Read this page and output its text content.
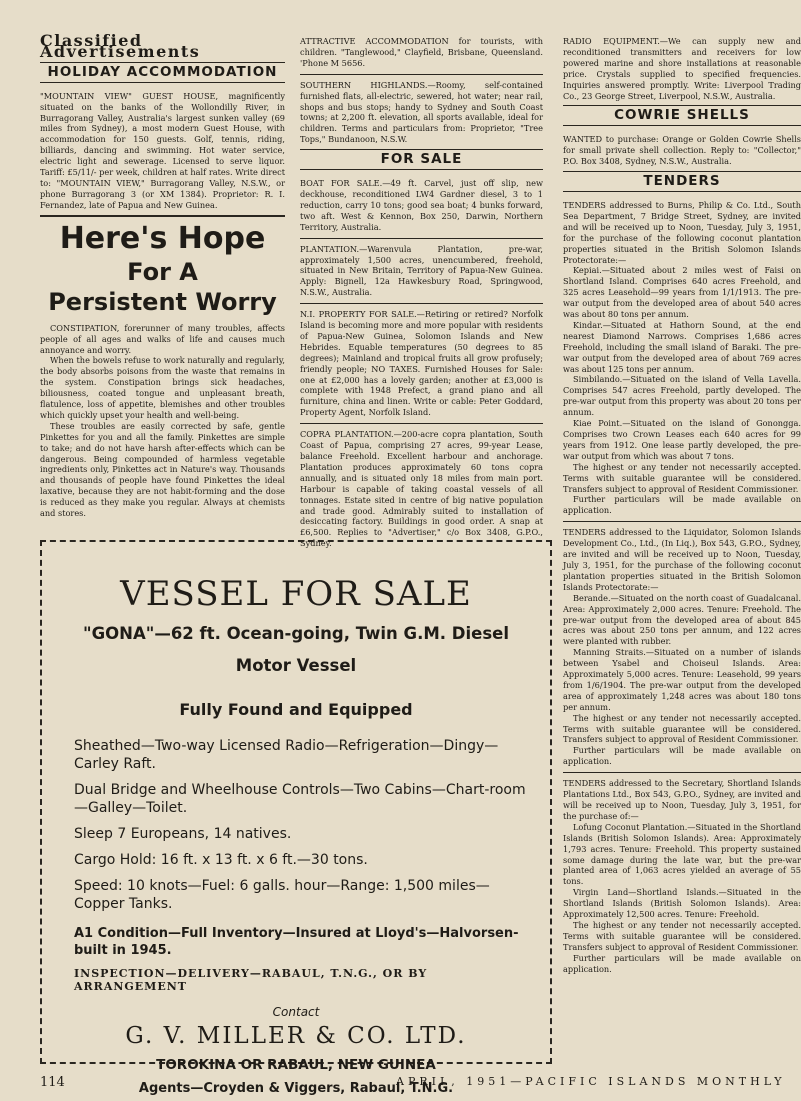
Classified Advertisements
HOLIDAY ACCOMMODATION

"MOUNTAIN VIEW" GUEST HOUSE, magnificently situated on the banks of the Wollondilly River, in Burragorang Valley, Australia's largest sunken valley (69 miles from Sydney), a most modern Guest House, with accommodation for 150 guests. Golf, tennis, riding, billiards, dancing and swimming. Hot water service, electric light and sewerage. Licensed to serve liquor. Tariff: £5/11/- per week, children at half rates. Write direct to: "MOUNTAIN VIEW," Burragorang Valley, N.S.W., or phone Burragorang 3 (or XM 1384). Proprietor: R. I. Fernandez, late of Papua and New Guinea.

Here's Hope
For A
Persistent Worry

CONSTIPATION, forerunner of many troubles, affects people of all ages and walks of life and causes much annoyance and worry.

When the bowels refuse to work naturally and regularly, the body absorbs poisons from the waste that remains in the system. Constipation brings sick headaches, biliousness, coated tongue and unpleasant breath, flatulence, loss of appetite, blemishes and other troubles which quickly upset your health and well-being.

These troubles are easily corrected by safe, gentle Pinkettes for you and all the family. Pinkettes are simple to take; and do not have harsh after-effects which can be dangerous. Being compounded of harmless vegetable ingredients only, Pinkettes act in Nature's way. Thousands and thousands of people have found Pinkettes the ideal laxative, because they are not habit-forming and the dose is reduced as they make you regular. Always at chemists and stores.

ATTRACTIVE ACCOMMODATION for tourists, with children. "Tanglewood," Clayfield, Brisbane, Queensland. 'Phone M 5656.

SOUTHERN HIGHLANDS.—Roomy, self-contained furnished flats, all-electric, sewered, hot water; near rail, shops and bus stops; handy to Sydney and South Coast towns; at 2,200 ft. elevation, all sports available, ideal for children. Terms and particulars from: Proprietor, "Tree Tops," Bundanoon, N.S.W.

FOR SALE

BOAT FOR SALE.—49 ft. Carvel, just off slip, new deckhouse, reconditioned LW4 Gardner diesel, 3 to 1 reduction, carry 10 tons; good sea boat; 4 bunks forward, two aft. West & Kennon, Box 250, Darwin, Northern Territory, Australia.

PLANTATION.—Warenvula Plantation, pre-war, approximately 1,500 acres, unencumbered, freehold, situated in New Britain, Territory of Papua-New Guinea. Apply: Bignell, 12a Hawkesbury Road, Springwood, N.S.W., Australia.

N.I. PROPERTY FOR SALE.—Retiring or retired? Norfolk Island is becoming more and more popular with residents of Papua-New Guinea, Solomon Islands and New Hebrides. Equable temperatures (50 degrees to 85 degrees); Mainland and tropical fruits all grow profusely; friendly people; NO TAXES. Furnished Houses for Sale: one at £2,000 has a lovely garden; another at £3,000 is complete with 1948 Prefect, a grand piano and all furniture, china and linen. Write or cable: Peter Goddard, Property Agent, Norfolk Island.

COPRA PLANTATION.—200-acre copra plantation, South Coast of Papua, comprising 27 acres, 99-year Lease, balance Freehold. Excellent harbour and anchorage. Plantation produces approximately 60 tons copra annually, and is situated only 18 miles from main port. Harbour is capable of taking coastal vessels of all tonnages. Estate sited in centre of big native population and trade good. Admirably suited to installation of desiccating factory. Buildings in good order. A snap at £6,500. Replies to "Advertiser," c/o Box 3408, G.P.O., Sydney.

RADIO EQUIPMENT.—We can supply new and reconditioned transmitters and receivers for low powered marine and shore installations at reasonable price. Crystals supplied to specified frequencies. Inquiries answered promptly. Write: Liverpool Trading Co., 23 George Street, Liverpool, N.S.W., Australia.

COWRIE SHELLS

WANTED to purchase: Orange or Golden Cowrie Shells for small private shell collection. Reply to: "Collector," P.O. Box 3408, Sydney, N.S.W., Australia.

TENDERS

TENDERS addressed to Burns, Philip & Co. Ltd., South Sea Department, 7 Bridge Street, Sydney, are invited and will be received up to Noon, Tuesday, July 3, 1951, for the purchase of the following coconut plantation properties situated in the British Solomon Islands Protectorate:—

Kepiai.—Situated about 2 miles west of Faisi on Shortland Island. Comprises 640 acres Freehold, and 325 acres Leasehold—99 years from 1/1/1913. The pre-war output from the developed area of about 540 acres was about 80 tons per annum.

Kindar.—Situated at Hathorn Sound, at the end nearest Diamond Narrows. Comprises 1,686 acres Freehold, including the small island of Baraki. The pre-war output from the developed area of about 769 acres was about 125 tons per annum.

Simbilando.—Situated on the island of Vella Lavella. Comprises 547 acres Freehold, partly developed. The pre-war output from this property was about 20 tons per annum.

Kiae Point.—Situated on the island of Gonongga. Comprises two Crown Leases each 640 acres for 99 years from 1912. One lease partly developed, the pre-war output from which was about 7 tons.

The highest or any tender not necessarily accepted. Terms with suitable guarantee will be considered. Transfers subject to approval of Resident Commissioner.

Further particulars will be made available on application.

TENDERS addressed to the Liquidator, Solomon Islands Development Co., Ltd., (In Liq.), Box 543, G.P.O., Sydney, are invited and will be received up to Noon, Tuesday, July 3, 1951, for the purchase of the following coconut plantation properties situated in the British Solomon Islands Protectorate:—

Berande.—Situated on the north coast of Guadalcanal. Area: Approximately 2,000 acres. Tenure: Freehold. The pre-war output from the developed area of about 845 acres was about 250 tons per annum, and 122 acres were planted with rubber.

Manning Straits.—Situated on a number of islands between Ysabel and Choiseul Islands. Area: Approximately 5,000 acres. Tenure: Leasehold, 99 years from 1/6/1904. The pre-war output from the developed area of approximately 1,248 acres was about 180 tons per annum.

The highest or any tender not necessarily accepted. Terms with suitable guarantee will be considered. Transfers subject to approval of Resident Commissioner.

Further particulars will be made available on application.

TENDERS addressed to the Secretary, Shortland Islands Plantations Ltd., Box 543, G.P.O., Sydney, are invited and will be received up to Noon, Tuesday, July 3, 1951, for the purchase of:—

Lofung Coconut Plantation.—Situated in the Shortland Islands (British Solomon Islands). Area: Approximately 1,793 acres. Tenure: Freehold. This property sustained some damage during the late war, but the pre-war planted area of 1,063 acres yielded an average of 55 tons.

Virgin Land—Shortland Islands.—Situated in the Shortland Islands (British Solomon Islands). Area: Approximately 12,500 acres. Tenure: Freehold.

The highest or any tender not necessarily accepted. Terms with suitable guarantee will be considered. Transfers subject to approval of Resident Commissioner.

Further particulars will be made available on application.

VESSEL FOR SALE
"GONA"—62 ft. Ocean-going, Twin G.M. Diesel
Motor Vessel
Fully Found and Equipped
Sheathed—Two-way Licensed Radio—Refrigeration—Dingy—Carley Raft.
Dual Bridge and Wheelhouse Controls—Two Cabins—Chart-room—Galley—Toilet.
Sleep 7 Europeans, 14 natives.
Cargo Hold: 16 ft. x 13 ft. x 6 ft.—30 tons.
Speed: 10 knots—Fuel: 6 galls. hour—Range: 1,500 miles—Copper Tanks.
A1 Condition—Full Inventory—Insured at Lloyd's—Halvorsen-built in 1945.
INSPECTION—DELIVERY—RABAUL, T.N.G., OR BY ARRANGEMENT
Contact
G. V. MILLER & CO. LTD.
TOROKINA OR RABAUL, NEW GUINEA
Agents—Croyden & Viggers, Rabaul, T.N.G.
114	APRIL, 1951—PACIFIC ISLANDS MONTHLY
